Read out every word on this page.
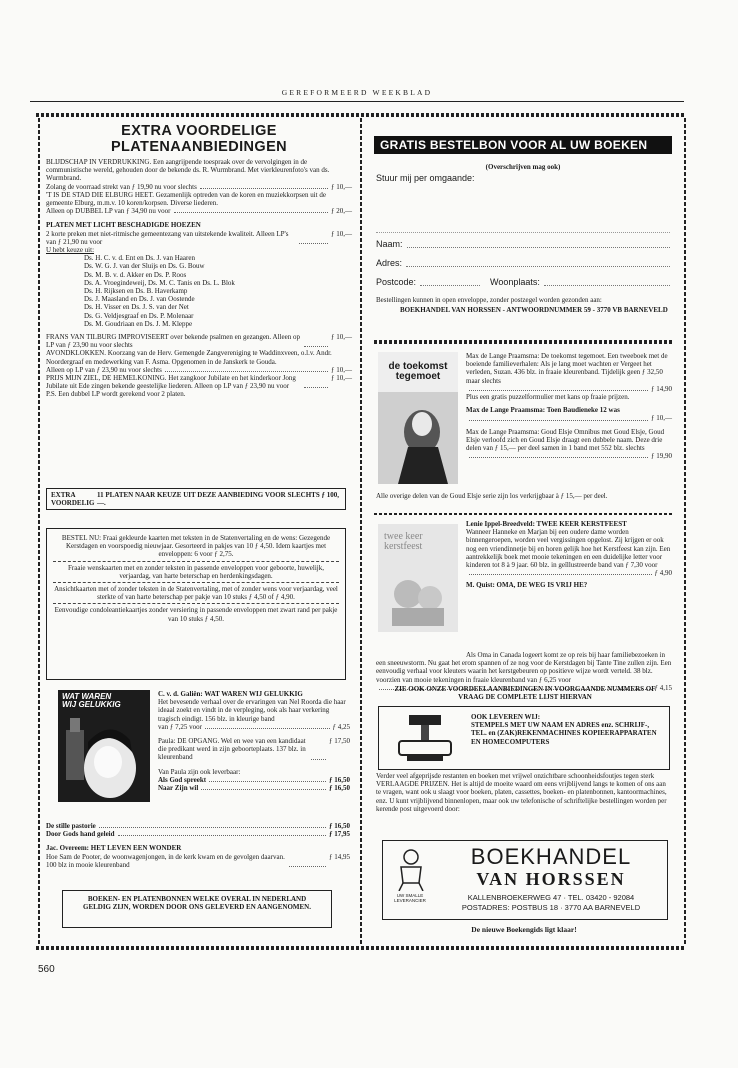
GEREFORMEERD WEEKBLAD
EXTRA VOORDELIGE
PLATENAANBIEDINGEN

BLIJDSCHAP IN VERDRUKKING. Een aangrijpende toespraak over de vervolgingen in de communistische wereld, gehouden door de bekende ds. R. Wurmbrand. Met vierkleurenfoto's van ds. Wurmbrand.

Zolang de voorraad strekt van ƒ 19,90 nu voor slechts	ƒ 10,—

'T IS DE STAD DIE ELBURG HEET. Gezamenlijk optreden van de koren en muziekkorpsen uit de gemeente Elburg, m.m.v. 10 koren/korpsen. Diverse liederen.

Alleen op DUBBEL LP van ƒ 34,90 nu voor	ƒ 20,—

PLATEN MET LICHT BESCHADIGDE HOEZEN

2 korte preken met niet-ritmische gemeentezang van uitstekende kwaliteit. Alleen LP's van ƒ 21,90 nu voor
ƒ 10,—

U hebt keuze uit:

Ds. H. C. v. d. Ent en Ds. J. van Haaren
Ds. W. G. J. van der Sluijs en Ds. G. Bouw
Ds. M. B. v. d. Akker en Ds. P. Roos
Ds. A. Vroegindeweij, Ds. M. C. Tanis en Ds. L. Blok
Ds. H. Rijksen en Ds. B. Haverkamp
Ds. J. Maasland en Ds. J. van Oostende
Ds. H. Visser en Ds. J. S. van der Net
Ds. G. Veldjesgraaf en Ds. P. Molenaar
Ds. M. Goudriaan en Ds. J. M. Kleppe
FRANS VAN TILBURG IMPROVISEERT over bekende psalmen en gezangen. Alleen op LP van ƒ 23,90 nu voor slechts
ƒ 10,—

AVONDKLOKKEN. Koorzang van de Herv. Gemengde Zangvereniging te Waddinxveen, o.l.v. Andr. Noordergraaf en medewerking van F. Asma. Opgenomen in de Janskerk te Gouda.

Alleen op LP van ƒ 23,90 nu voor slechts	ƒ 10,—
PRIJS MIJN ZIEL, DE HEMELKONING. Het zangkoor Jubilate en het kinderkoor Jong Jubilate uit Ede zingen bekende geestelijke liederen. Alleen op LP van ƒ 23,90 nu voor
ƒ 10,—

P.S. Een dubbel LP wordt gerekend voor 2 platen.

EXTRA
VOORDELIG
11 PLATEN NAAR KEUZE UIT DEZE AANBIEDING VOOR SLECHTS ƒ 100,—.

BESTEL NU: Fraai gekleurde kaarten met teksten in de Statenvertaling en de wens: Gezegende Kerstdagen en voorspoedig nieuwjaar. Gesorteerd in pakjes van 10 ƒ 4,50. Idem kaartjes met enveloppen: 6 voor ƒ 2,75.

Fraaie wenskaarten met en zonder teksten in passende enveloppen voor geboorte, huwelijk, verjaardag, van harte beterschap en herdenkingsdagen.

Ansichtkaarten met of zonder teksten in de Statenvertaling, met of zonder wens voor verjaardag, veel sterkte of van harte beterschap per pakje van 10 stuks ƒ 4,50 of ƒ 4,90.

Eenvoudige condoleantiekaartjes zonder versiering in passende enveloppen met zwart rand per pakje van 10 stuks ƒ 4,50.

WAT WAREN WIJ GELUKKIG

C. v. d. Galiën: WAT WAREN WIJ GELUKKIG

Het bevesende verhaal over de ervaringen van Nel Roorda die haar ideaal zoekt en vindt in de verpleging, ook als haar verkering tragisch eindigt. 156 blz. in kleurige band

van ƒ 7,25 voor	ƒ 4,25
Paula: DE OPGANG. Wel en wee van een kandidaat die predikant werd in zijn geboorteplaats. 137 blz. in kleurenband
ƒ 17,50

Van Paula zijn ook leverbaar:

Als God spreekt	ƒ 16,50
Naar Zijn wil	ƒ 16,50
De stille pastorie	ƒ 16,50
Door Gods hand geleid	ƒ 17,95

Jac. Overeem: HET LEVEN EEN WONDER

Hoe Sam de Pooter, de woonwagenjongen, in de kerk kwam en de gevolgen daarvan. 100 blz in mooie kleurenband
ƒ 14,95
BOEKEN- EN PLATENBONNEN WELKE OVERAL IN NEDERLAND GELDIG ZIJN, WORDEN DOOR ONS GELEVERD EN AANGENOMEN.
GRATIS BESTELBON VOOR AL UW BOEKEN
(Overschrijven mag ook)
Stuur mij per omgaande:
Naam:
Adres:
Postcode:	Woonplaats:

Bestellingen kunnen in open enveloppe, zonder postzegel worden gezonden aan:

BOEKHANDEL VAN HORSSEN - ANTWOORDNUMMER 59 - 3770 VB BARNEVELD

de toekomst tegemoet

Max de Lange Praamsma: De toekomst tegemoet. Een tweeboek met de boeiende familieverhalen: Als je lang moet wachten er Vergeet het verleden, Suzan. 436 blz. in fraaie kleurenband. Tijdelijk geen ƒ 32,50 maar slechts

ƒ 14,90

Plus een gratis puzzelformulier met kans op fraaie prijzen.

Max de Lange Praamsma: Toen Baudieneke 12 was

ƒ 10,—

Max de Lange Praamsma: Goud Elsje Omnibus met Goud Elsje, Goud Elsje verloofd zich en Goud Elsje draagt een dubbele naam. Deze drie delen van ƒ 15,— per deel samen in 1 band met 552 blz. slechts

ƒ 19,90
Alle overige delen van de Goud Elsje serie zijn los verkrijgbaar à ƒ 15,— per deel.
twee keer kerstfeest

Lenie Ippel-Breedveld: TWEE KEER KERSTFEEST

Wanneer Hanneke en Marjan bij een oudere dame worden binnengeroepen, worden veel vergissingen opgelost. Zij krijgen er ook nog een vriendinnetje bij en horen gelijk hoe het Kerstfeest kan zijn. Een aantrekkelijk boek met mooie tekeningen en een duidelijke letter voor kinderen tot 8 à 9 jaar. 60 blz. in geïllustreerde band van ƒ 7,30 voor

ƒ 4,90

M. Quist: OMA, DE WEG IS VRIJ HE?

Als Oma in Canada logeert komt ze op reis bij haar familiebezoeken in een sneeuwstorm. Nu gaat het erom spannen of ze nog voor de Kerstdagen bij Tante Tine zullen zijn. Een eenvoudig verhaal voor kleuters waarin het kerstgebeuren op positieve wijze wordt verteld. 38 blz. voorzien van mooie tekeningen in fraaie kleurenband van ƒ 6,25 voor

ƒ 4,15
ZIE OOK ONZE VOORDEELAANBIEDINGEN IN VOORGAANDE NUMMERS OF VRAAG DE COMPLETE LIJST HIERVAN

OOK LEVEREN WIJ:

STEMPELS MET UW NAAM EN ADRES enz. SCHRIJF-, TEL. en (ZAK)REKENMACHINES KOPIEERAPPARATEN EN HOMECOMPUTERS

Verder veel afgeprijsde restanten en boeken met vrijwel onzichtbare schoonheidsfoutjes tegen sterk VERLAAGDE PRIJZEN. Het is altijd de moeite waard om eens vrijblijvend langs te komen of ons aan te vragen, want ook u slaagt voor boeken, platen, cassettes, boeken- en platenbonnen, kantoormachines, enz. U kunt vrijblijvend binnenlopen, maar ook uw telefonische of schriftelijke bestellingen worden per kerende post uitgevoerd door:
UW SMALLE LEVERANCIER
BOEKHANDEL
VAN HORSSEN
KALLENBROEKERWEG 47 · TEL. 03420 - 92084
POSTADRES: POSTBUS 18 · 3770 AA BARNEVELD
De nieuwe Boekengids ligt klaar!
560
